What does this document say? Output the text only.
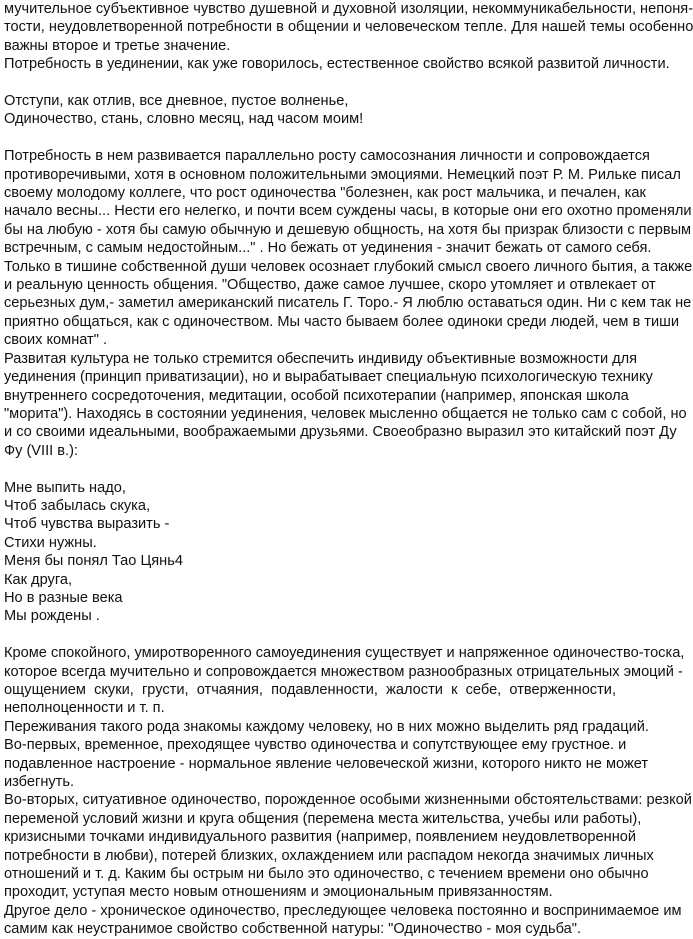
мучительное субъективное чувство душевной и духовной изоляции, некоммуникабельности, непоня-
тости, неудовлетворенной потребности в общении и человеческом тепле. Для нашей темы особенно
важны второе и третье значение.
Потребность в уединении, как уже говорилось, естественное свойство всякой развитой личности.
Отступи, как отлив, все дневное, пустое волненье,
Одиночество, стань, словно месяц, над часом моим!
Потребность в нем развивается параллельно росту самосознания личности и сопровождается
противоречивыми, хотя в основном положительными эмоциями. Немецкий поэт Р. М. Рильке писал
своему молодому коллеге, что рост одиночества "болезнен, как рост мальчика, и печален, как
начало весны... Нести его нелегко, и почти всем суждены часы, в которые они его охотно променяли
бы на любую - хотя бы самую обычную и дешевую общность, на хотя бы призрак близости с первым
встречным, с самым недостойным..." . Но бежать от уединения - значит бежать от самого себя.
Только в тишине собственной души человек осознает глубокий смысл своего личного бытия, а также
и реальную ценность общения. "Общество, даже самое лучшее, скоро утомляет и отвлекает от
серьезных дум,- заметил американский писатель Г. Торо.- Я люблю оставаться один. Ни с кем так не
приятно общаться, как с одиночеством. Мы часто бываем более одиноки среди людей, чем в тиши
своих комнат" .
Развитая культура не только стремится обеспечить индивиду объективные возможности для
уединения (принцип приватизации), но и вырабатывает специальную психологическую технику
внутреннего сосредоточения, медитации, особой психотерапии (например, японская школа
"морита"). Находясь в состоянии уединения, человек мысленно общается не только сам с собой, но
и со своими идеальными, воображаемыми друзьями. Своеобразно выразил это китайский поэт Ду
Фу (VIII в.):
Мне выпить надо,
Чтоб забылась скука,
Чтоб чувства выразить -
Стихи нужны.
Меня бы понял Тао Цянь4
Как друга,
Но в разные века
Мы рождены .
Кроме спокойного, умиротворенного самоуединения существует и напряженное одиночество-тоска,
которое всегда мучительно и сопровождается множеством разнообразных отрицательных эмоций -
ощущением скуки, грусти, отчаяния, подавленности, жалости к себе, отверженности,
неполноценности и т. п.
Переживания такого рода знакомы каждому человеку, но в них можно выделить ряд градаций.
Во-первых, временное, преходящее чувство одиночества и сопутствующее ему грустное. и
подавленное настроение - нормальное явление человеческой жизни, которого никто не может
избегнуть.
Во-вторых, ситуативное одиночество, порожденное особыми жизненными обстоятельствами: резкой
переменой условий жизни и круга общения (перемена места жительства, учебы или работы),
кризисными точками индивидуального развития (например, появлением неудовлетворенной
потребности в любви), потерей близких, охлаждением или распадом некогда значимых личных
отношений и т. д. Каким бы острым ни было это одиночество, с течением времени оно обычно
проходит, уступая место новым отношениям и эмоциональным привязанностям.
Другое дело - хроническое одиночество, преследующее человека постоянно и воспринимаемое им
самим как неустранимое свойство собственной натуры: "Одиночество - моя судьба".
